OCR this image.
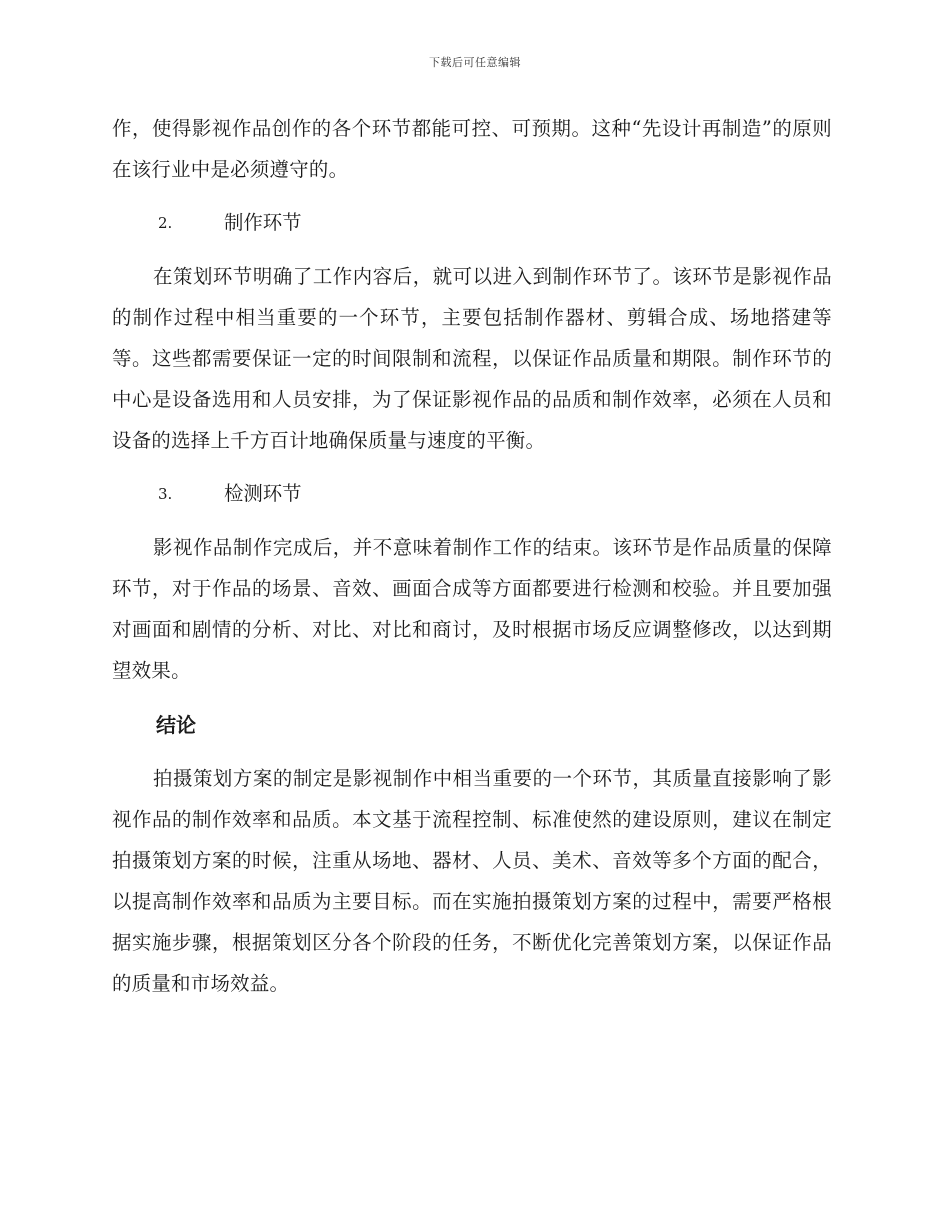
下载后可任意编辑

作，使得影视作品创作的各个环节都能可控、可预期。这种“先设计再制造”的原则在该行业中是必须遵守的。

2.	制作环节

在策划环节明确了工作内容后，就可以进入到制作环节了。该环节是影视作品的制作过程中相当重要的一个环节，主要包括制作器材、剪辑合成、场地搭建等等。这些都需要保证一定的时间限制和流程，以保证作品质量和期限。制作环节的中心是设备选用和人员安排，为了保证影视作品的品质和制作效率，必须在人员和设备的选择上千方百计地确保质量与速度的平衡。

3.	检测环节

影视作品制作完成后，并不意味着制作工作的结束。该环节是作品质量的保障环节，对于作品的场景、音效、画面合成等方面都要进行检测和校验。并且要加强对画面和剧情的分析、对比、对比和商讨，及时根据市场反应调整修改，以达到期望效果。

结论

拍摄策划方案的制定是影视制作中相当重要的一个环节，其质量直接影响了影视作品的制作效率和品质。本文基于流程控制、标准使然的建设原则，建议在制定拍摄策划方案的时候，注重从场地、器材、人员、美术、音效等多个方面的配合，以提高制作效率和品质为主要目标。而在实施拍摄策划方案的过程中，需要严格根据实施步骤，根据策划区分各个阶段的任务，不断优化完善策划方案，以保证作品的质量和市场效益。
